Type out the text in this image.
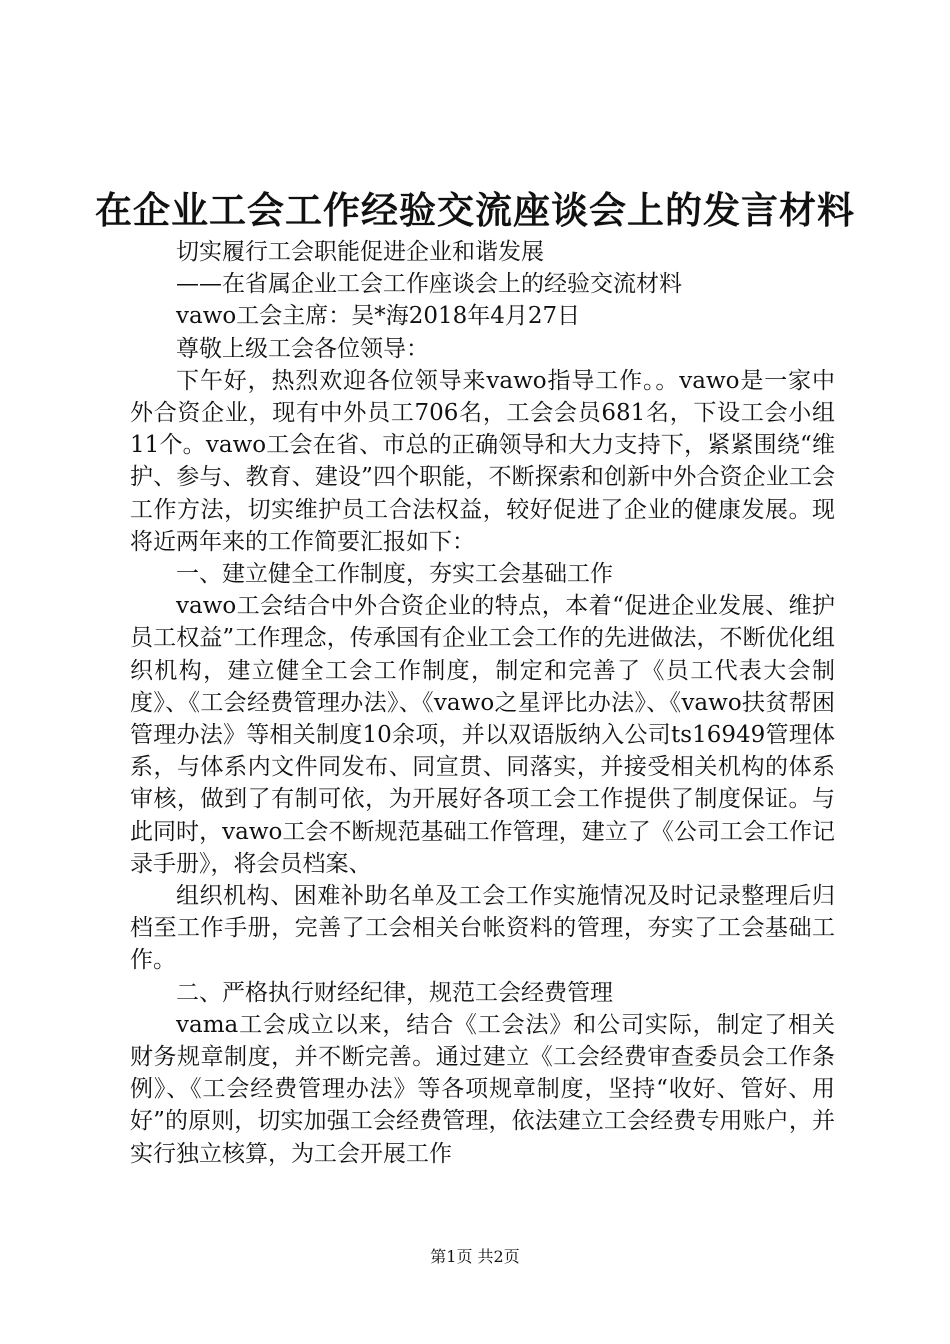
在企业工会工作经验交流座谈会上的发言材料

切实履行工会职能促进企业和谐发展

——在省属企业工会工作座谈会上的经验交流材料

vawo工会主席：吴*海2018年4月27日

尊敬上级工会各位领导：

下午好，热烈欢迎各位领导来vawo指导工作。。vawo是一家中外合资企业，现有中外员工706名，工会会员681名，下设工会小组11个。vawo工会在省、市总的正确领导和大力支持下，紧紧围绕“维护、参与、教育、建设”四个职能，不断探索和创新中外合资企业工会工作方法，切实维护员工合法权益，较好促进了企业的健康发展。现将近两年来的工作简要汇报如下：

一、建立健全工作制度，夯实工会基础工作

vawo工会结合中外合资企业的特点，本着“促进企业发展、维护员工权益”工作理念，传承国有企业工会工作的先进做法，不断优化组织机构，建立健全工会工作制度，制定和完善了《员工代表大会制度》、《工会经费管理办法》、《vawo之星评比办法》、《vawo扶贫帮困管理办法》等相关制度10余项，并以双语版纳入公司ts16949管理体系，与体系内文件同发布、同宣贯、同落实，并接受相关机构的体系审核，做到了有制可依，为开展好各项工会工作提供了制度保证。与此同时，vawo工会不断规范基础工作管理，建立了《公司工会工作记录手册》，将会员档案、

组织机构、困难补助名单及工会工作实施情况及时记录整理后归档至工作手册，完善了工会相关台帐资料的管理，夯实了工会基础工作。

二、严格执行财经纪律，规范工会经费管理

vama工会成立以来，结合《工会法》和公司实际，制定了相关财务规章制度，并不断完善。通过建立《工会经费审查委员会工作条例》、《工会经费管理办法》等各项规章制度，坚持“收好、管好、用好”的原则，切实加强工会经费管理，依法建立工会经费专用账户，并实行独立核算，为工会开展工作

第1页 共2页
